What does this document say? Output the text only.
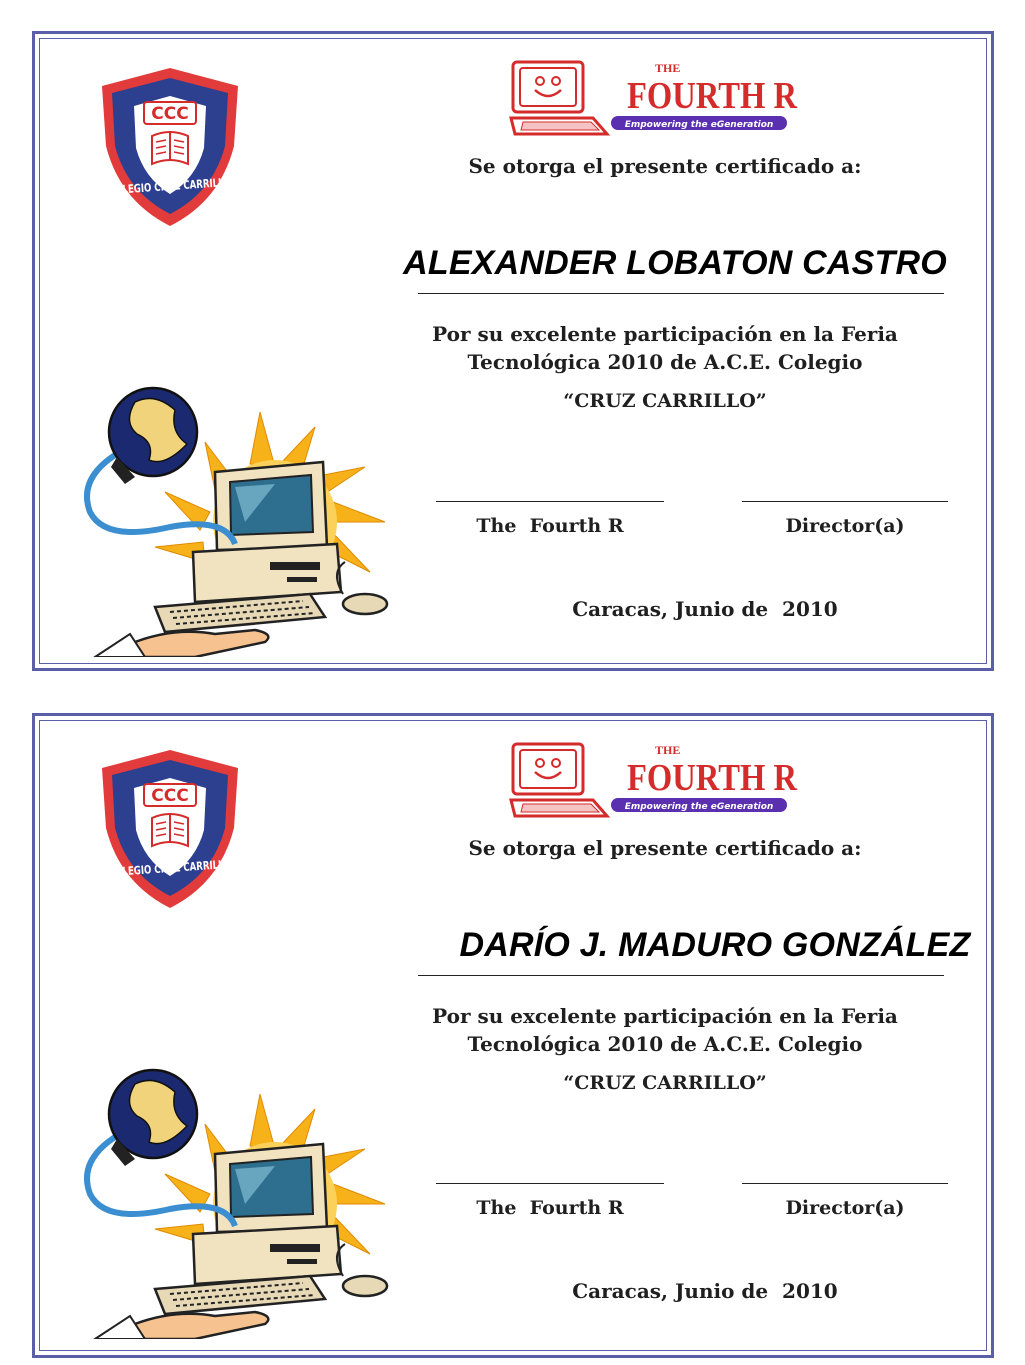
CCC
COLEGIO CRUZ CARRILLO
THE
FOURTH R
Empowering the eGeneration
Se otorga el presente certificado a:
ALEXANDER LOBATON CASTRO
Por su excelente participación en la Feria
Tecnológica 2010 de A.C.E. Colegio
“CRUZ CARRILLO”
The  Fourth R	Director(a)
Caracas, Junio de  2010
CCC
COLEGIO CRUZ CARRILLO
THE
FOURTH R
Empowering the eGeneration
Se otorga el presente certificado a:
DARÍO J. MADURO GONZÁLEZ
Por su excelente participación en la Feria
Tecnológica 2010 de A.C.E. Colegio
“CRUZ CARRILLO”
The  Fourth R	Director(a)
Caracas, Junio de  2010
